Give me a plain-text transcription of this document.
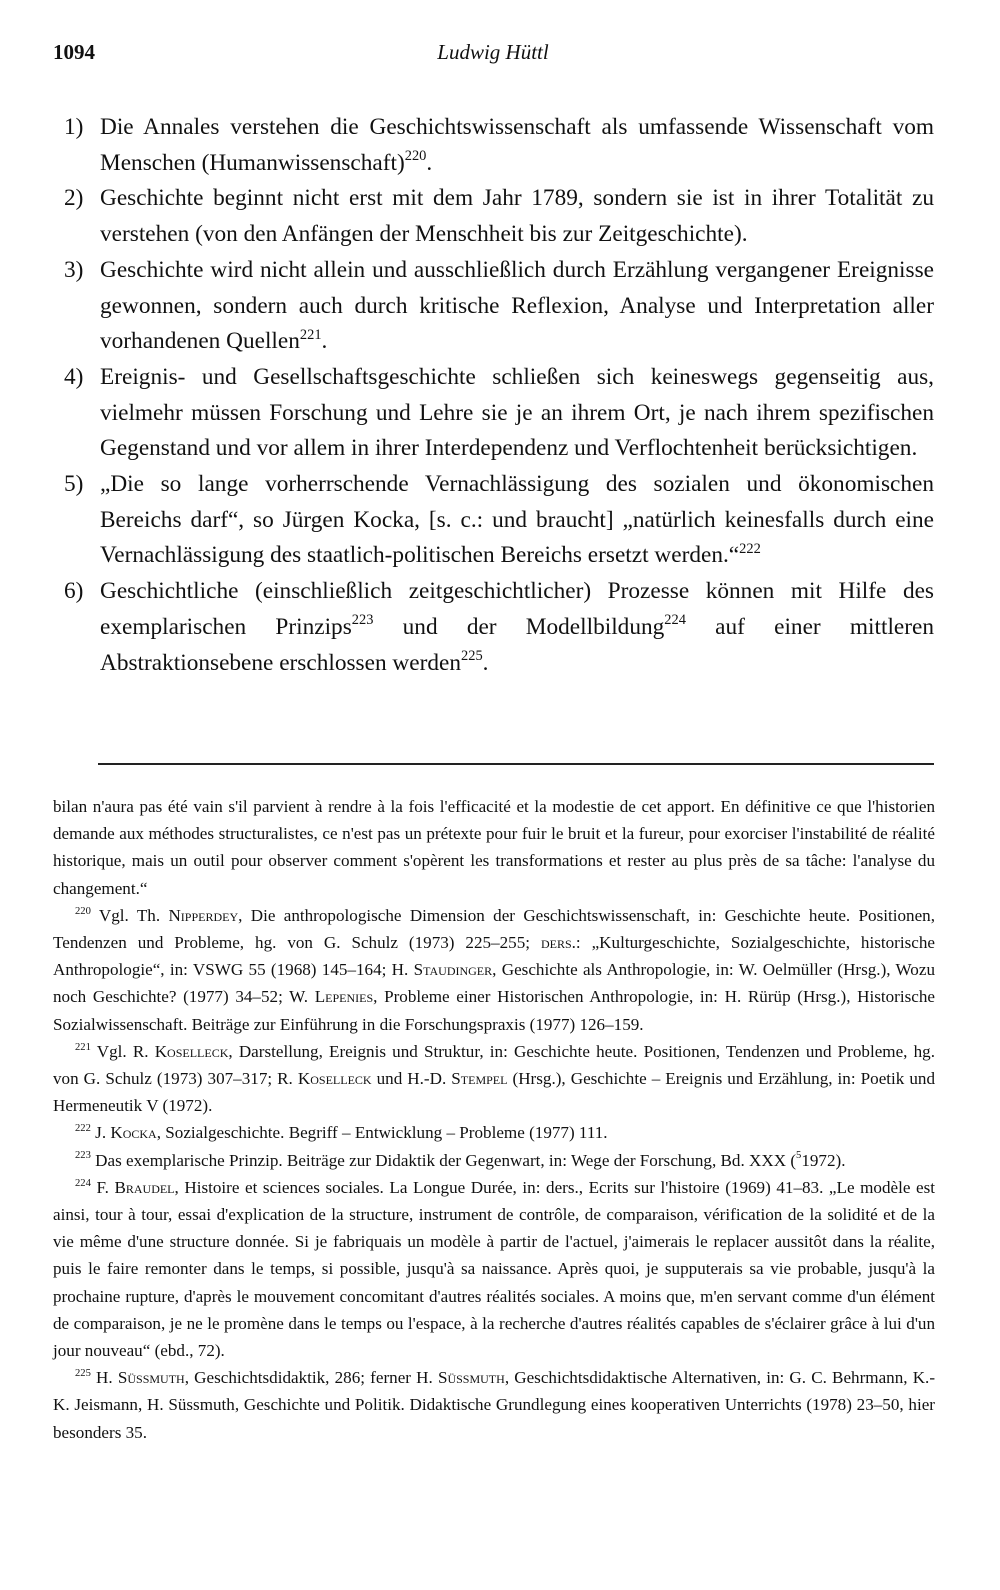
1094	Ludwig Hüttl

1) Die Annales verstehen die Geschichtswissenschaft als umfassende Wissenschaft vom Menschen (Humanwissenschaft)$^{220}$.

2) Geschichte beginnt nicht erst mit dem Jahr 1789, sondern sie ist in ihrer Totalität zu verstehen (von den Anfängen der Menschheit bis zur Zeitgeschichte).

3) Geschichte wird nicht allein und ausschließlich durch Erzählung vergangener Ereignisse gewonnen, sondern auch durch kritische Reflexion, Analyse und Interpretation aller vorhandenen Quellen$^{221}$.

4) Ereignis- und Gesellschaftsgeschichte schließen sich keineswegs gegenseitig aus, vielmehr müssen Forschung und Lehre sie je an ihrem Ort, je nach ihrem spezifischen Gegenstand und vor allem in ihrer Interdependenz und Verflochtenheit berücksichtigen.

5) „Die so lange vorherrschende Vernachlässigung des sozialen und ökonomischen Bereichs darf“, so Jürgen Kocka, [s. c.: und braucht] „natürlich keinesfalls durch eine Vernachlässigung des staatlich-politischen Bereichs ersetzt werden.“$^{222}$

6) Geschichtliche (einschließlich zeitgeschichtlicher) Prozesse können mit Hilfe des exemplarischen Prinzips$^{223}$ und der Modellbildung$^{224}$ auf einer mittleren Abstraktionsebene erschlossen werden$^{225}$.

bilan n'aura pas été vain s'il parvient à rendre à la fois l'efficacité et la modestie de cet apport. En définitive ce que l'historien demande aux méthodes structuralistes, ce n'est pas un prétexte pour fuir le bruit et la fureur, pour exorciser l'instabilité de réalité historique, mais un outil pour observer comment s'opèrent les transformations et rester au plus près de sa tâche: l'analyse du changement.“

$^{220}$ Vgl. Th. Nipperdey, Die anthropologische Dimension der Geschichtswissenschaft, in: Geschichte heute. Positionen, Tendenzen und Probleme, hg. von G. Schulz (1973) 225–255; ders.: „Kulturgeschichte, Sozialgeschichte, historische Anthropologie“, in: VSWG 55 (1968) 145–164; H. Staudinger, Geschichte als Anthropologie, in: W. Oelmüller (Hrsg.), Wozu noch Geschichte? (1977) 34–52; W. Lepenies, Probleme einer Historischen Anthropologie, in: H. Rürüp (Hrsg.), Historische Sozialwissenschaft. Beiträge zur Einführung in die Forschungspraxis (1977) 126–159.

$^{221}$ Vgl. R. Koselleck, Darstellung, Ereignis und Struktur, in: Geschichte heute. Positionen, Tendenzen und Probleme, hg. von G. Schulz (1973) 307–317; R. Koselleck und H.-D. Stempel (Hrsg.), Geschichte – Ereignis und Erzählung, in: Poetik und Hermeneutik V (1972).

$^{222}$ J. Kocka, Sozialgeschichte. Begriff – Entwicklung – Probleme (1977) 111.

$^{223}$ Das exemplarische Prinzip. Beiträge zur Didaktik der Gegenwart, in: Wege der Forschung, Bd. XXX ($^5$1972).

$^{224}$ F. Braudel, Histoire et sciences sociales. La Longue Durée, in: ders., Ecrits sur l'histoire (1969) 41–83. „Le modèle est ainsi, tour à tour, essai d'explication de la structure, instrument de contrôle, de comparaison, vérification de la solidité et de la vie même d'une structure donnée. Si je fabriquais un modèle à partir de l'actuel, j'aimerais le replacer aussitôt dans la réalite, puis le faire remonter dans le temps, si possible, jusqu'à sa naissance. Après quoi, je supputerais sa vie probable, jusqu'à la prochaine rupture, d'après le mouvement concomitant d'autres réalités sociales. A moins que, m'en servant comme d'un élément de comparaison, je ne le promène dans le temps ou l'espace, à la recherche d'autres réalités capables de s'éclairer grâce à lui d'un jour nouveau“ (ebd., 72).

$^{225}$ H. Süssmuth, Geschichtsdidaktik, 286; ferner H. Süssmuth, Geschichtsdidaktische Alternativen, in: G. C. Behrmann, K.-K. Jeismann, H. Süssmuth, Geschichte und Politik. Didaktische Grundlegung eines kooperativen Unterrichts (1978) 23–50, hier besonders 35.
